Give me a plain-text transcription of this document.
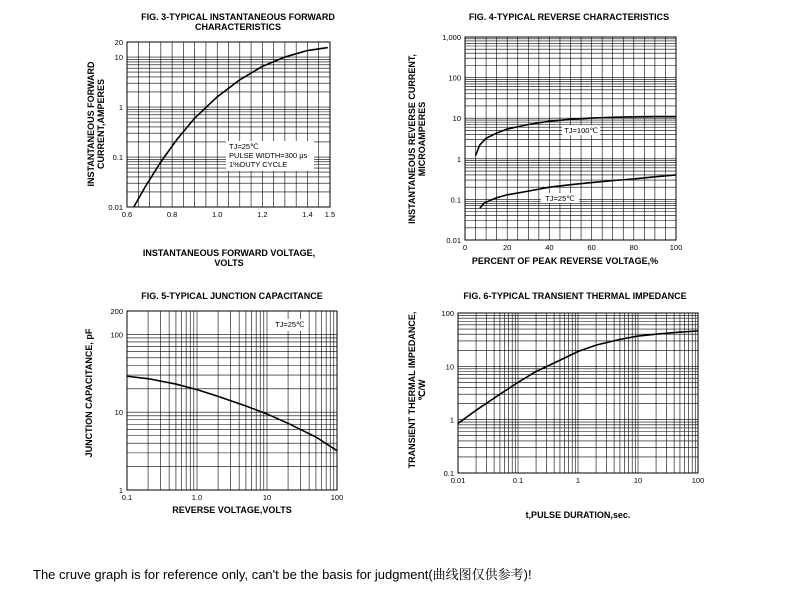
0.6	0.8	1.0	1.2	1.4 1.5
0.01
0.1
1
10
20
TJ=25℃
PULSE WIDTH=300 μs
1%DUTY CYCLE
FIG. 3-TYPICAL INSTANTANEOUS FORWARD
CHARACTERISTICS
INSTANTANEOUS FORWARD VOLTAGE,
VOLTS
INSTANTANEOUS FORWARD CURRENT,AMPERES
0	20	40	60	80	100
0.01
0.1
1
10
100
1,000
TJ=100℃
TJ=25℃
FIG. 4-TYPICAL REVERSE CHARACTERISTICS
PERCENT OF PEAK REVERSE VOLTAGE,%
INSTANTANEOUS REVERSE CURRENT, MICROAMPERES
0.1	1.0	10	100
1
10
100
200
TJ=25℃
FIG. 5-TYPICAL JUNCTION CAPACITANCE
REVERSE VOLTAGE,VOLTS
JUNCTION CAPACITANCE, pF
0.01	0.1	1	10	100
0.1
1
10
100
FIG. 6-TYPICAL TRANSIENT THERMAL IMPEDANCE
t,PULSE DURATION,sec.
TRANSIENT THERMAL IMPEDANCE, ℃/W
The cruve graph is for reference only, can't be the basis for judgment(曲线图仅供参考)!
